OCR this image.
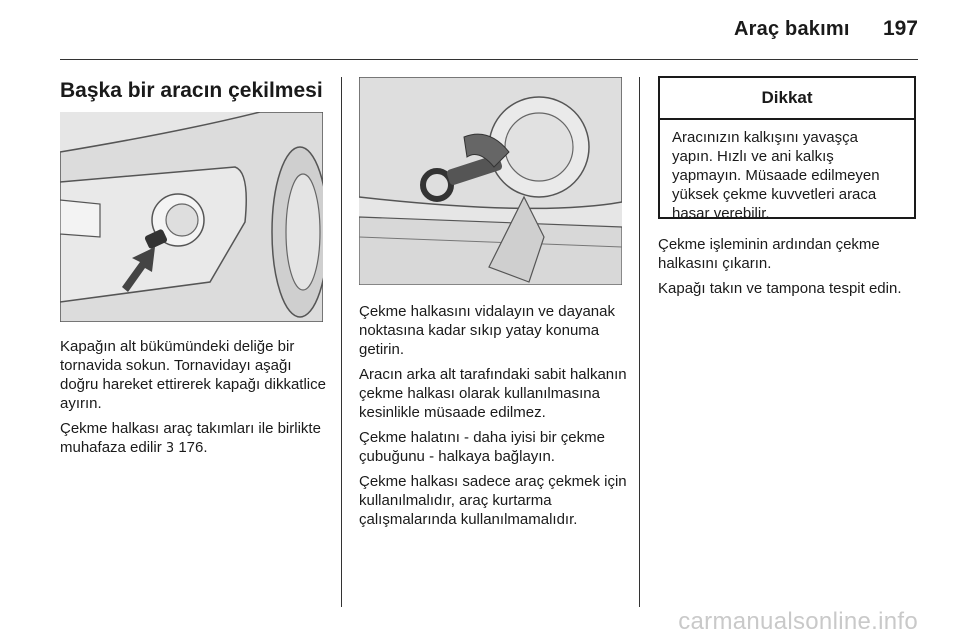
Araç bakımı 197
Başka bir aracın çekilmesi

Kapağın alt bükümündeki deliğe bir tornavida sokun. Tornavidayı aşağı doğru hareket ettirerek kapağı dikkatlice ayırın.

Çekme halkası araç takımları ile birlikte muhafaza edilir 3 176.

Çekme halkasını vidalayın ve dayanak noktasına kadar sıkıp yatay konuma getirin.

Aracın arka alt tarafındaki sabit halkanın çekme halkası olarak kullanılmasına kesinlikle müsaade edilmez.

Çekme halatını - daha iyisi bir çekme çubuğunu - halkaya bağlayın.

Çekme halkası sadece araç çekmek için kullanılmalıdır, araç kurtarma çalışmalarında kullanılmamalıdır.

Dikkat
Aracınızın kalkışını yavaşça yapın. Hızlı ve ani kalkış yapmayın. Müsaade edilmeyen yüksek çekme kuvvetleri araca hasar verebilir.

Çekme işleminin ardından çekme halkasını çıkarın.

Kapağı takın ve tampona tespit edin.

carmanualsonline.info
